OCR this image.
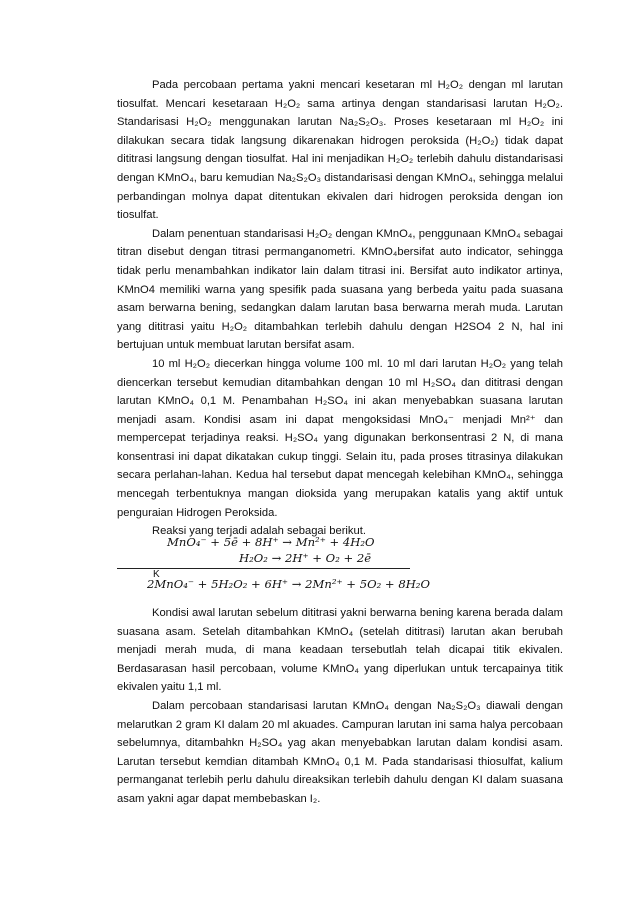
Pada percobaan pertama yakni mencari kesetaran ml H₂O₂ dengan ml larutan tiosulfat. Mencari kesetaraan H₂O₂ sama artinya dengan standarisasi larutan H₂O₂. Standarisasi H₂O₂ menggunakan larutan Na₂S₂O₃. Proses kesetaraan ml H₂O₂ ini dilakukan secara tidak langsung dikarenakan hidrogen peroksida (H₂O₂) tidak dapat dititrasi langsung dengan tiosulfat. Hal ini menjadikan H₂O₂ terlebih dahulu distandarisasi dengan KMnO₄, baru kemudian Na₂S₂O₃ distandarisasi dengan KMnO₄, sehingga melalui perbandingan molnya dapat ditentukan ekivalen dari hidrogen peroksida dengan ion tiosulfat.

Dalam penentuan standarisasi H₂O₂ dengan KMnO₄, penggunaan KMnO₄ sebagai titran disebut dengan titrasi permanganometri. KMnO₄bersifat auto indicator, sehingga tidak perlu menambahkan indikator lain dalam titrasi ini. Bersifat auto indikator artinya, KMnO4 memiliki warna yang spesifik pada suasana yang berbeda yaitu pada suasana asam berwarna bening, sedangkan dalam larutan basa berwarna merah muda. Larutan yang dititrasi yaitu H₂O₂ ditambahkan terlebih dahulu dengan H2SO4 2 N, hal ini bertujuan untuk membuat larutan bersifat asam.

10 ml H₂O₂ diecerkan hingga volume 100 ml. 10 ml dari larutan H₂O₂ yang telah diencerkan tersebut kemudian ditambahkan dengan 10 ml H₂SO₄ dan dititrasi dengan larutan KMnO₄ 0,1 M. Penambahan H₂SO₄ ini akan menyebabkan suasana larutan menjadi asam. Kondisi asam ini dapat mengoksidasi MnO₄⁻ menjadi Mn²⁺ dan mempercepat terjadinya reaksi. H₂SO₄ yang digunakan berkonsentrasi 2 N, di mana konsentrasi ini dapat dikatakan cukup tinggi. Selain itu, pada proses titrasinya dilakukan secara perlahan-lahan. Kedua hal tersebut dapat mencegah kelebihan KMnO₄, sehingga mencegah terbentuknya mangan dioksida yang merupakan katalis yang aktif untuk penguraian Hidrogen Peroksida.

Reaksi yang terjadi adalah sebagai berikut.

MnO₄⁻ + 5ē + 8H⁺ → Mn²⁺ + 4H₂O
H₂O₂ → 2H⁺ + O₂ + 2ē
2MnO₄⁻ + 5H₂O₂ + 6H⁺ → 2Mn²⁺ + 5O₂ + 8H₂O
K

Kondisi awal larutan sebelum dititrasi yakni berwarna bening karena berada dalam suasana asam. Setelah ditambahkan KMnO₄ (setelah dititrasi) larutan akan berubah menjadi merah muda, di mana keadaan tersebutlah telah dicapai titik ekivalen. Berdasarasan hasil percobaan, volume KMnO₄ yang diperlukan untuk tercapainya titik ekivalen yaitu 1,1 ml.

Dalam percobaan standarisasi larutan KMnO₄ dengan Na₂S₂O₃ diawali dengan melarutkan 2 gram KI dalam 20 ml akuades. Campuran larutan ini sama halya percobaan sebelumnya, ditambahkn H₂SO₄ yag akan menyebabkan larutan dalam kondisi asam. Larutan tersebut kemdian ditambah KMnO₄ 0,1 M. Pada standarisasi thiosulfat, kalium permanganat terlebih perlu dahulu direaksikan terlebih dahulu dengan KI dalam suasana asam yakni agar dapat membebaskan I₂.
